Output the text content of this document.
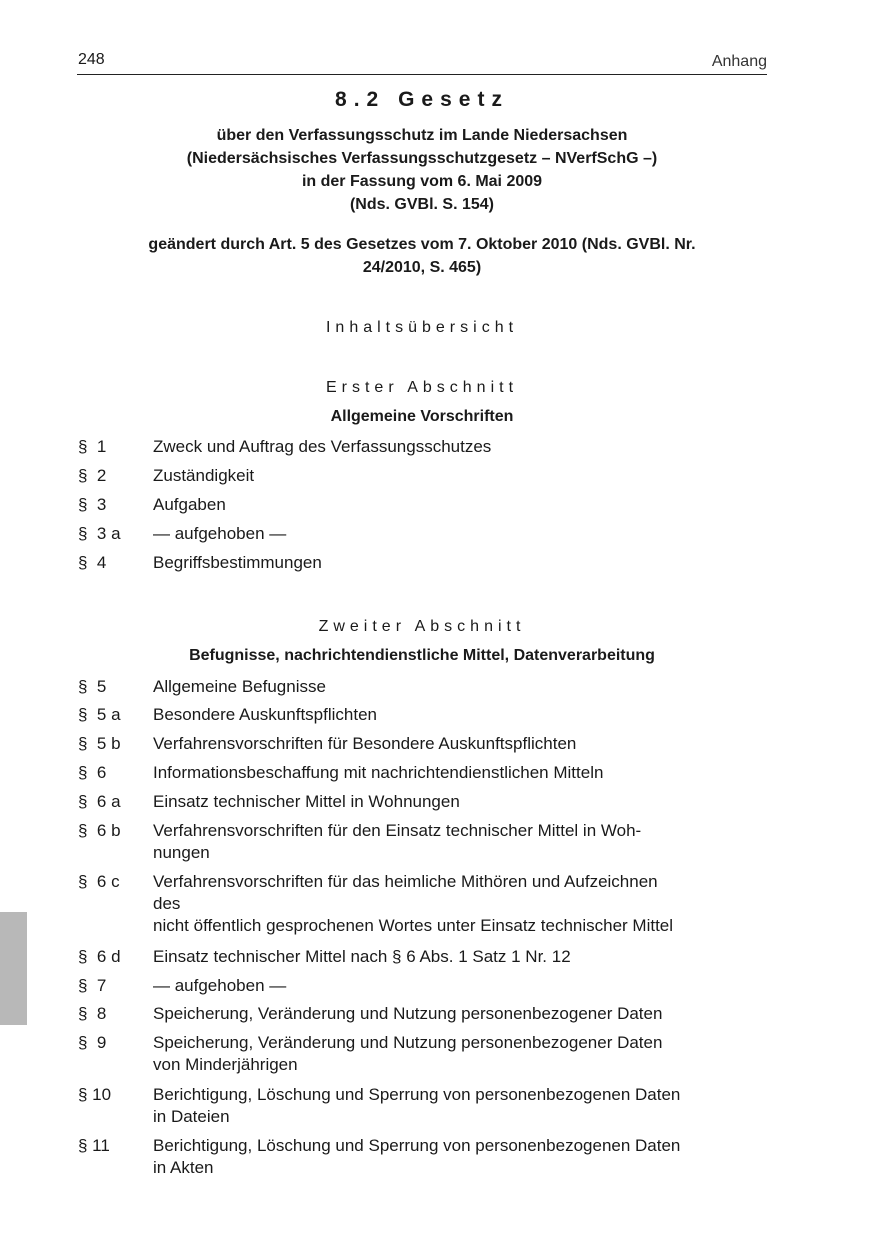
248	Anhang
8.2 Gesetz
über den Verfassungsschutz im Lande Niedersachsen
(Niedersächsisches Verfassungsschutzgesetz – NVerfSchG –)
in der Fassung vom 6. Mai 2009
(Nds. GVBl. S. 154)
geändert durch Art. 5 des Gesetzes vom 7. Oktober 2010 (Nds. GVBl. Nr.
24/2010, S. 465)
Inhaltsübersicht
Erster Abschnitt
Allgemeine Vorschriften
§  1	Zweck und Auftrag des Verfassungsschutzes
§  2	Zuständigkeit
§  3	Aufgaben
§  3 a — aufgehoben —
§  4	Begriffsbestimmungen
Zweiter Abschnitt
Befugnisse, nachrichtendienstliche Mittel, Datenverarbeitung
§  5	Allgemeine Befugnisse
§  5 a Besondere Auskunftspflichten
§  5 b Verfahrensvorschriften für Besondere Auskunftspflichten
§  6	Informationsbeschaffung mit nachrichtendienstlichen Mitteln
§  6 a Einsatz technischer Mittel in Wohnungen
§  6 b Verfahrensvorschriften für den Einsatz technischer Mittel in Woh-
nungen
§  6 c Verfahrensvorschriften für das heimliche Mithören und Aufzeichnen
des
nicht öffentlich gesprochenen Wortes unter Einsatz technischer Mittel
§  6 d Einsatz technischer Mittel nach § 6 Abs. 1 Satz 1 Nr. 12
§  7	— aufgehoben —
§  8	Speicherung, Veränderung und Nutzung personenbezogener Daten
§  9	Speicherung, Veränderung und Nutzung personenbezogener Daten
von Minderjährigen
§ 10 Berichtigung, Löschung und Sperrung von personenbezogenen Daten
in Dateien
§ 11	Berichtigung, Löschung und Sperrung von personenbezogenen Daten
in Akten
